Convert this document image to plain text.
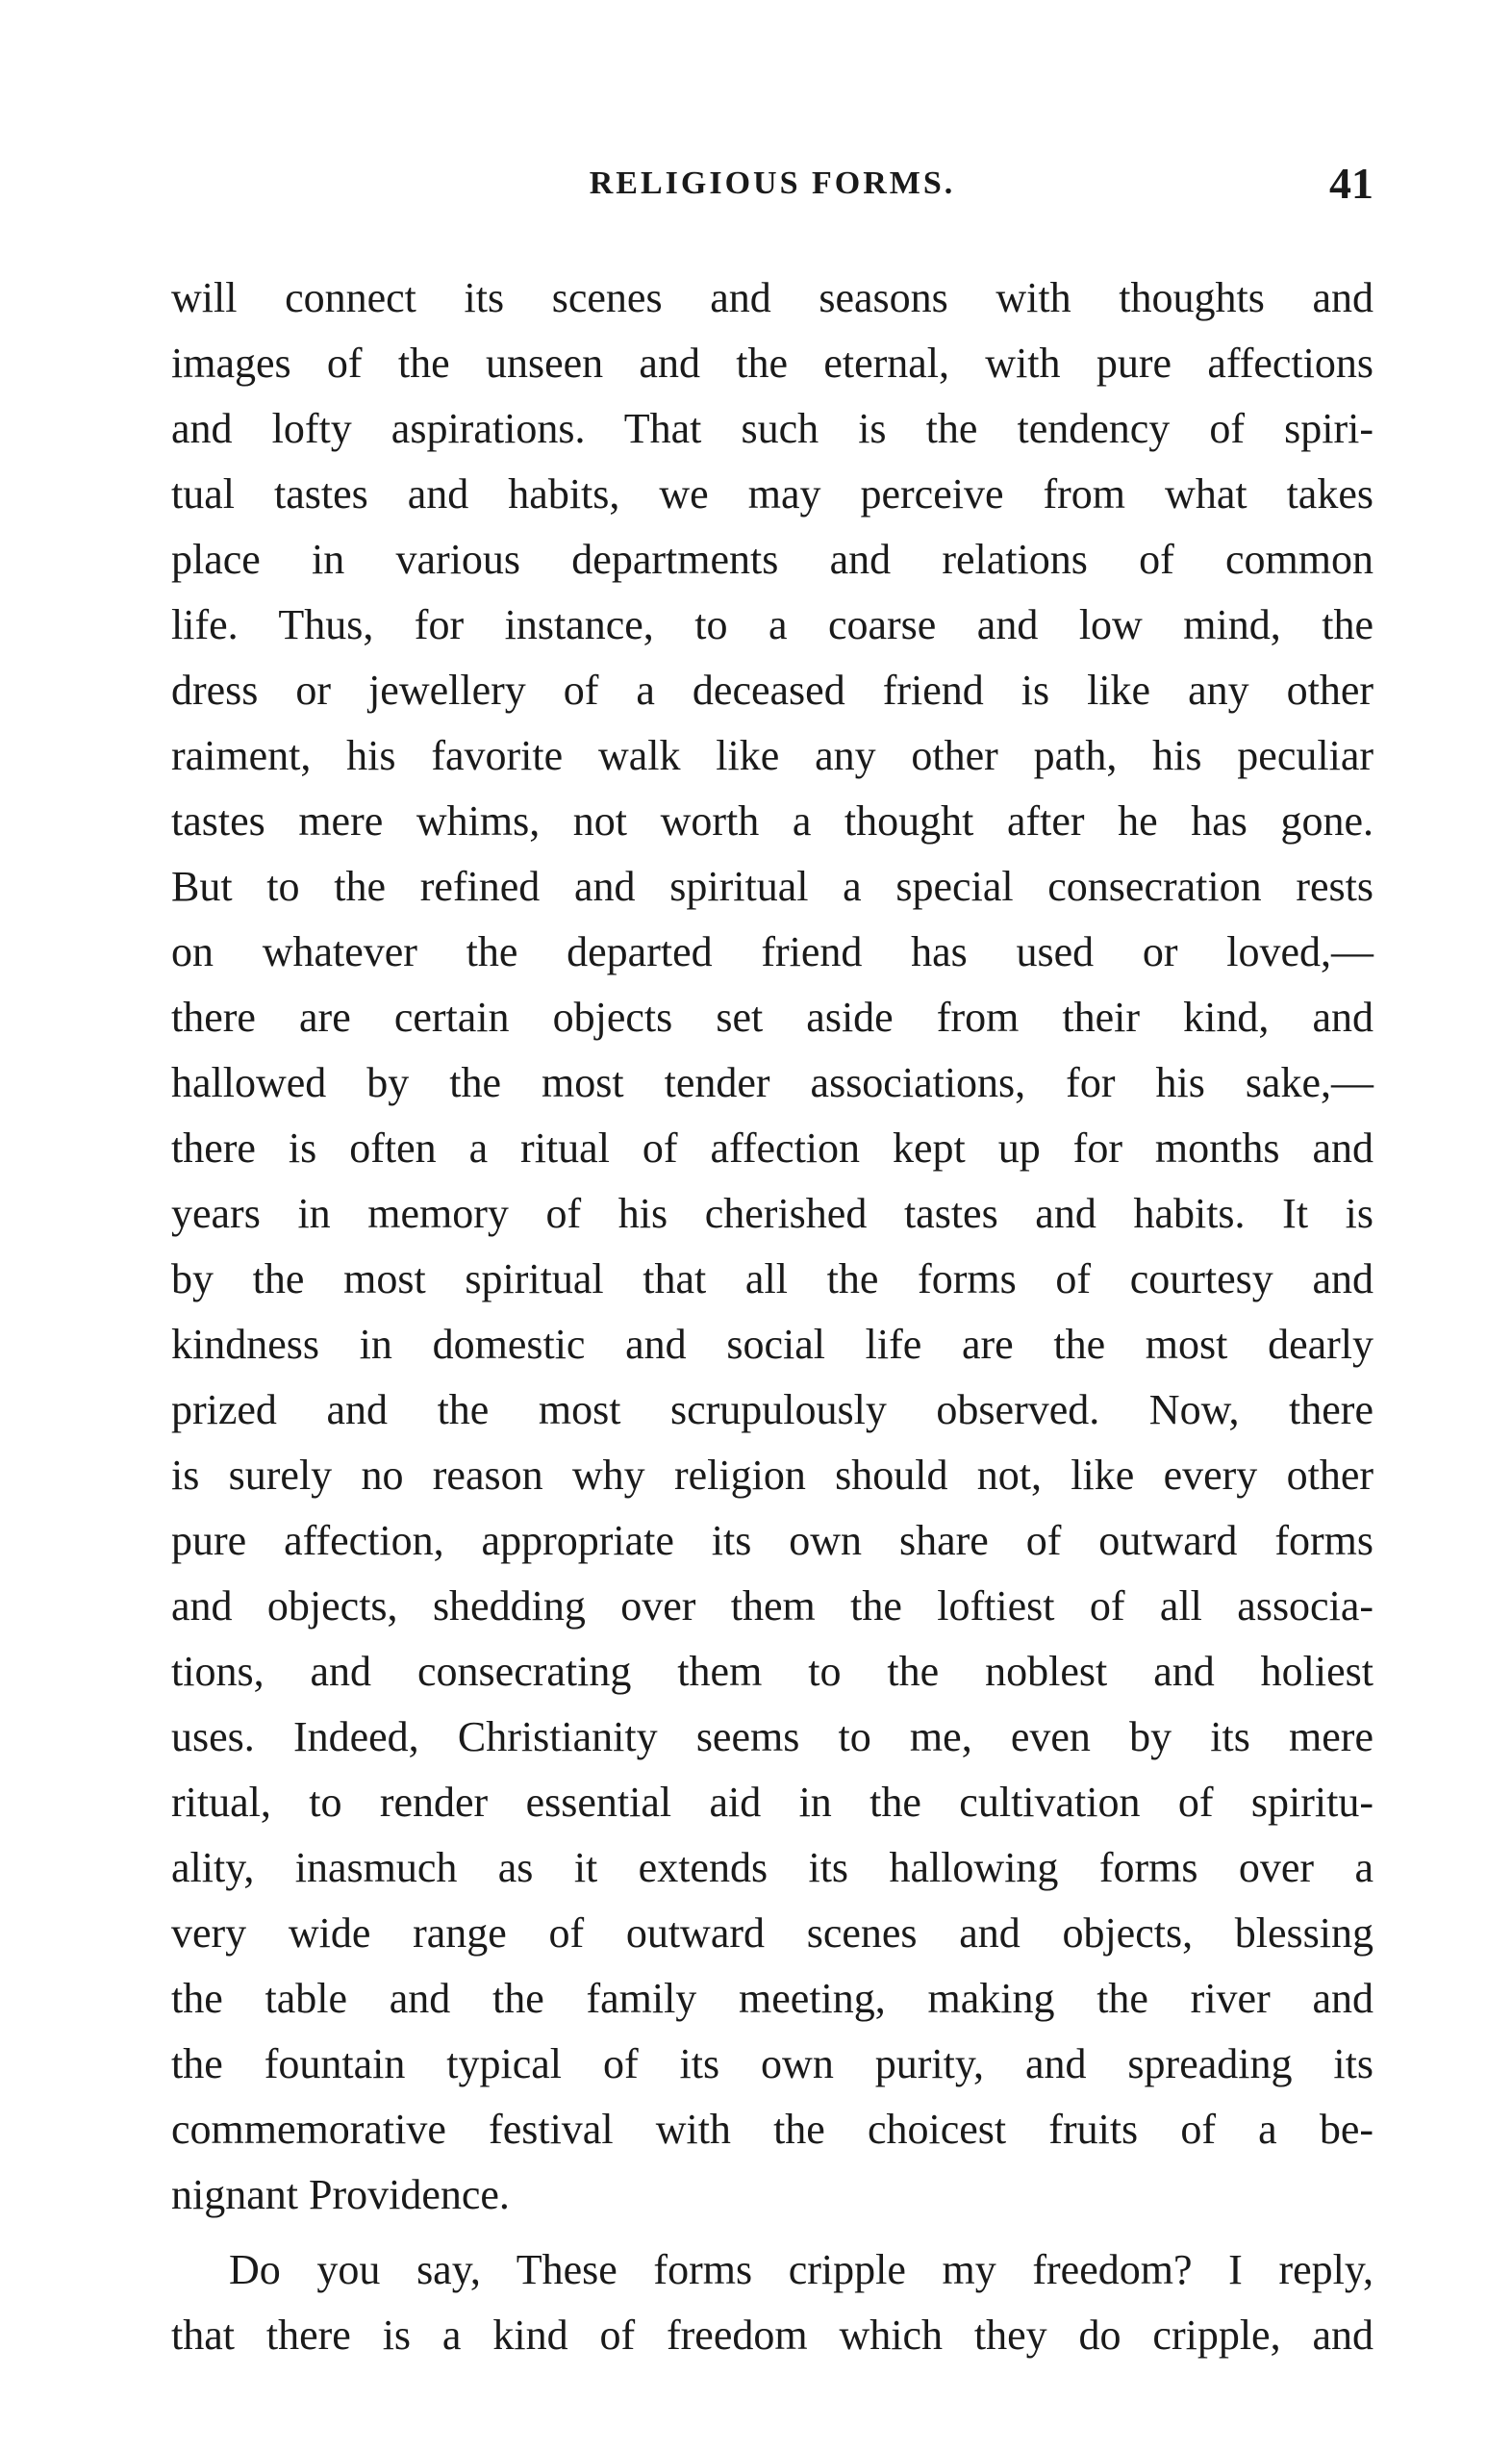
RELIGIOUS FORMS.	41
will connect its scenes and seasons with thoughts and
images of the unseen and the eternal, with pure affections
and lofty aspirations. That such is the tendency of spiri-
tual tastes and habits, we may perceive from what takes
place in various departments and relations of common
life. Thus, for instance, to a coarse and low mind, the
dress or jewellery of a deceased friend is like any other
raiment, his favorite walk like any other path, his peculiar
tastes mere whims, not worth a thought after he has gone.
But to the refined and spiritual a special consecration rests
on whatever the departed friend has used or loved,—
there are certain objects set aside from their kind, and
hallowed by the most tender associations, for his sake,—
there is often a ritual of affection kept up for months and
years in memory of his cherished tastes and habits. It is
by the most spiritual that all the forms of courtesy and
kindness in domestic and social life are the most dearly
prized and the most scrupulously observed. Now, there
is surely no reason why religion should not, like every other
pure affection, appropriate its own share of outward forms
and objects, shedding over them the loftiest of all associa-
tions, and consecrating them to the noblest and holiest
uses. Indeed, Christianity seems to me, even by its mere
ritual, to render essential aid in the cultivation of spiritu-
ality, inasmuch as it extends its hallowing forms over a
very wide range of outward scenes and objects, blessing
the table and the family meeting, making the river and
the fountain typical of its own purity, and spreading its
commemorative festival with the choicest fruits of a be-
nignant Providence.
Do you say, These forms cripple my freedom? I reply,
that there is a kind of freedom which they do cripple, and
